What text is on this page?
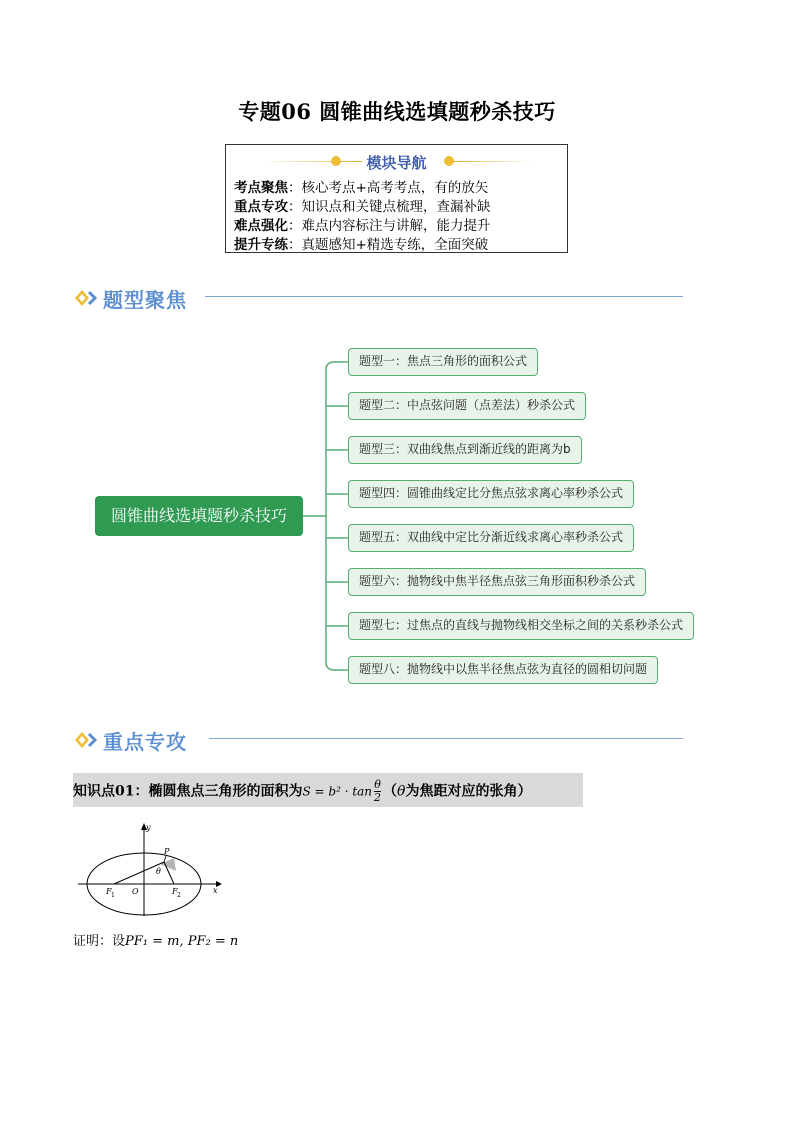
专题06 圆锥曲线选填题秒杀技巧
模块导航
考点聚焦：核心考点+高考考点，有的放矢
重点专攻：知识点和关键点梳理，查漏补缺
难点强化：难点内容标注与讲解，能力提升
提升专练：真题感知+精选专练，全面突破
题型聚焦
圆锥曲线选填题秒杀技巧
题型一：焦点三角形的面积公式
题型二：中点弦问题（点差法）秒杀公式
题型三：双曲线焦点到渐近线的距离为b
题型四：圆锥曲线定比分焦点弦求离心率秒杀公式
题型五：双曲线中定比分渐近线求离心率秒杀公式
题型六：抛物线中焦半径焦点弦三角形面积秒杀公式
题型七：过焦点的直线与抛物线相交坐标之间的关系秒杀公式
题型八：抛物线中以焦半径焦点弦为直径的圆相切问题
重点专攻
知识点01：椭圆焦点三角形的面积为$S = b^2 \cdot \tan \frac{\theta}{2} (\theta$为焦距对应的张角）
y
x
P
O
F 1	F 2
θ
证明：设PF₁ = m, PF₂ = n
